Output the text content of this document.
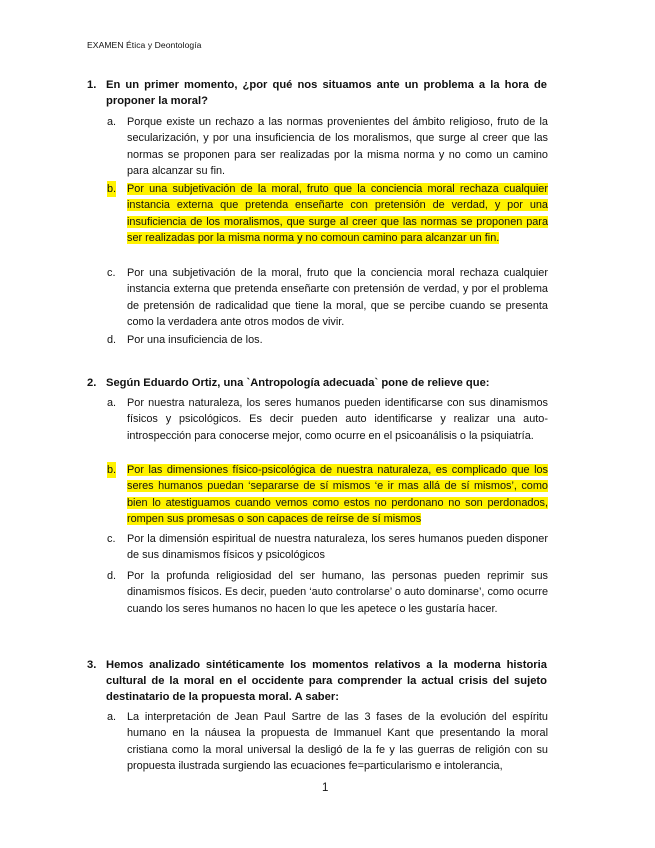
EXAMEN Ética y Deontología
1. En un primer momento, ¿por qué nos situamos ante un problema a la hora de proponer la moral?
a. Porque existe un rechazo a las normas provenientes del ámbito religioso, fruto de la secularización, y por una insuficiencia de los moralismos, que surge al creer que las normas se proponen para ser realizadas por la misma norma y no como un camino para alcanzar su fin.
b. Por una subjetivación de la moral, fruto que la conciencia moral rechaza cualquier instancia externa que pretenda enseñarte con pretensión de verdad, y por una insuficiencia de los moralismos, que surge al creer que las normas se proponen para ser realizadas por la misma norma y no comoun camino para alcanzar un fin.
c. Por una subjetivación de la moral, fruto que la conciencia moral rechaza cualquier instancia externa que pretenda enseñarte con pretensión de verdad, y por el problema de pretensión de radicalidad que tiene la moral, que se percibe cuando se presenta como la verdadera ante otros modos de vivir.
d. Por una insuficiencia de los.
2. Según Eduardo Ortiz, una `Antropología adecuada` pone de relieve que:
a. Por nuestra naturaleza, los seres humanos pueden identificarse con sus dinamismos físicos y psicológicos. Es decir pueden auto identificarse y realizar una auto-introspección para conocerse mejor, como ocurre en el psicoanálisis o la psiquiatría.
b. Por las dimensiones físico-psicológica de nuestra naturaleza, es complicado que los seres humanos puedan ‘separarse de sí mismos ‘e ir mas allá de sí mismos’, como bien lo atestiguamos cuando vemos como estos no perdonano no son perdonados, rompen sus promesas o son capaces de reírse de sí mismos
c. Por la dimensión espiritual de nuestra naturaleza, los seres humanos pueden disponer de sus dinamismos físicos y psicológicos
d. Por la profunda religiosidad del ser humano, las personas pueden reprimir sus dinamismos físicos. Es decir, pueden ‘auto controlarse’ o auto dominarse’, como ocurre cuando los seres humanos no hacen lo que les apetece o les gustaría hacer.
3. Hemos analizado sintéticamente los momentos relativos a la moderna historia cultural de la moral en el occidente para comprender la actual crisis del sujeto destinatario de la propuesta moral. A saber:
a. La interpretación de Jean Paul Sartre de las 3 fases de la evolución del espíritu humano en la náusea la propuesta de Immanuel Kant que presentando la moral cristiana como la moral universal la desligó de la fe y las guerras de religión con su propuesta ilustrada surgiendo las ecuaciones fe=particularismo e intolerancia,
1
